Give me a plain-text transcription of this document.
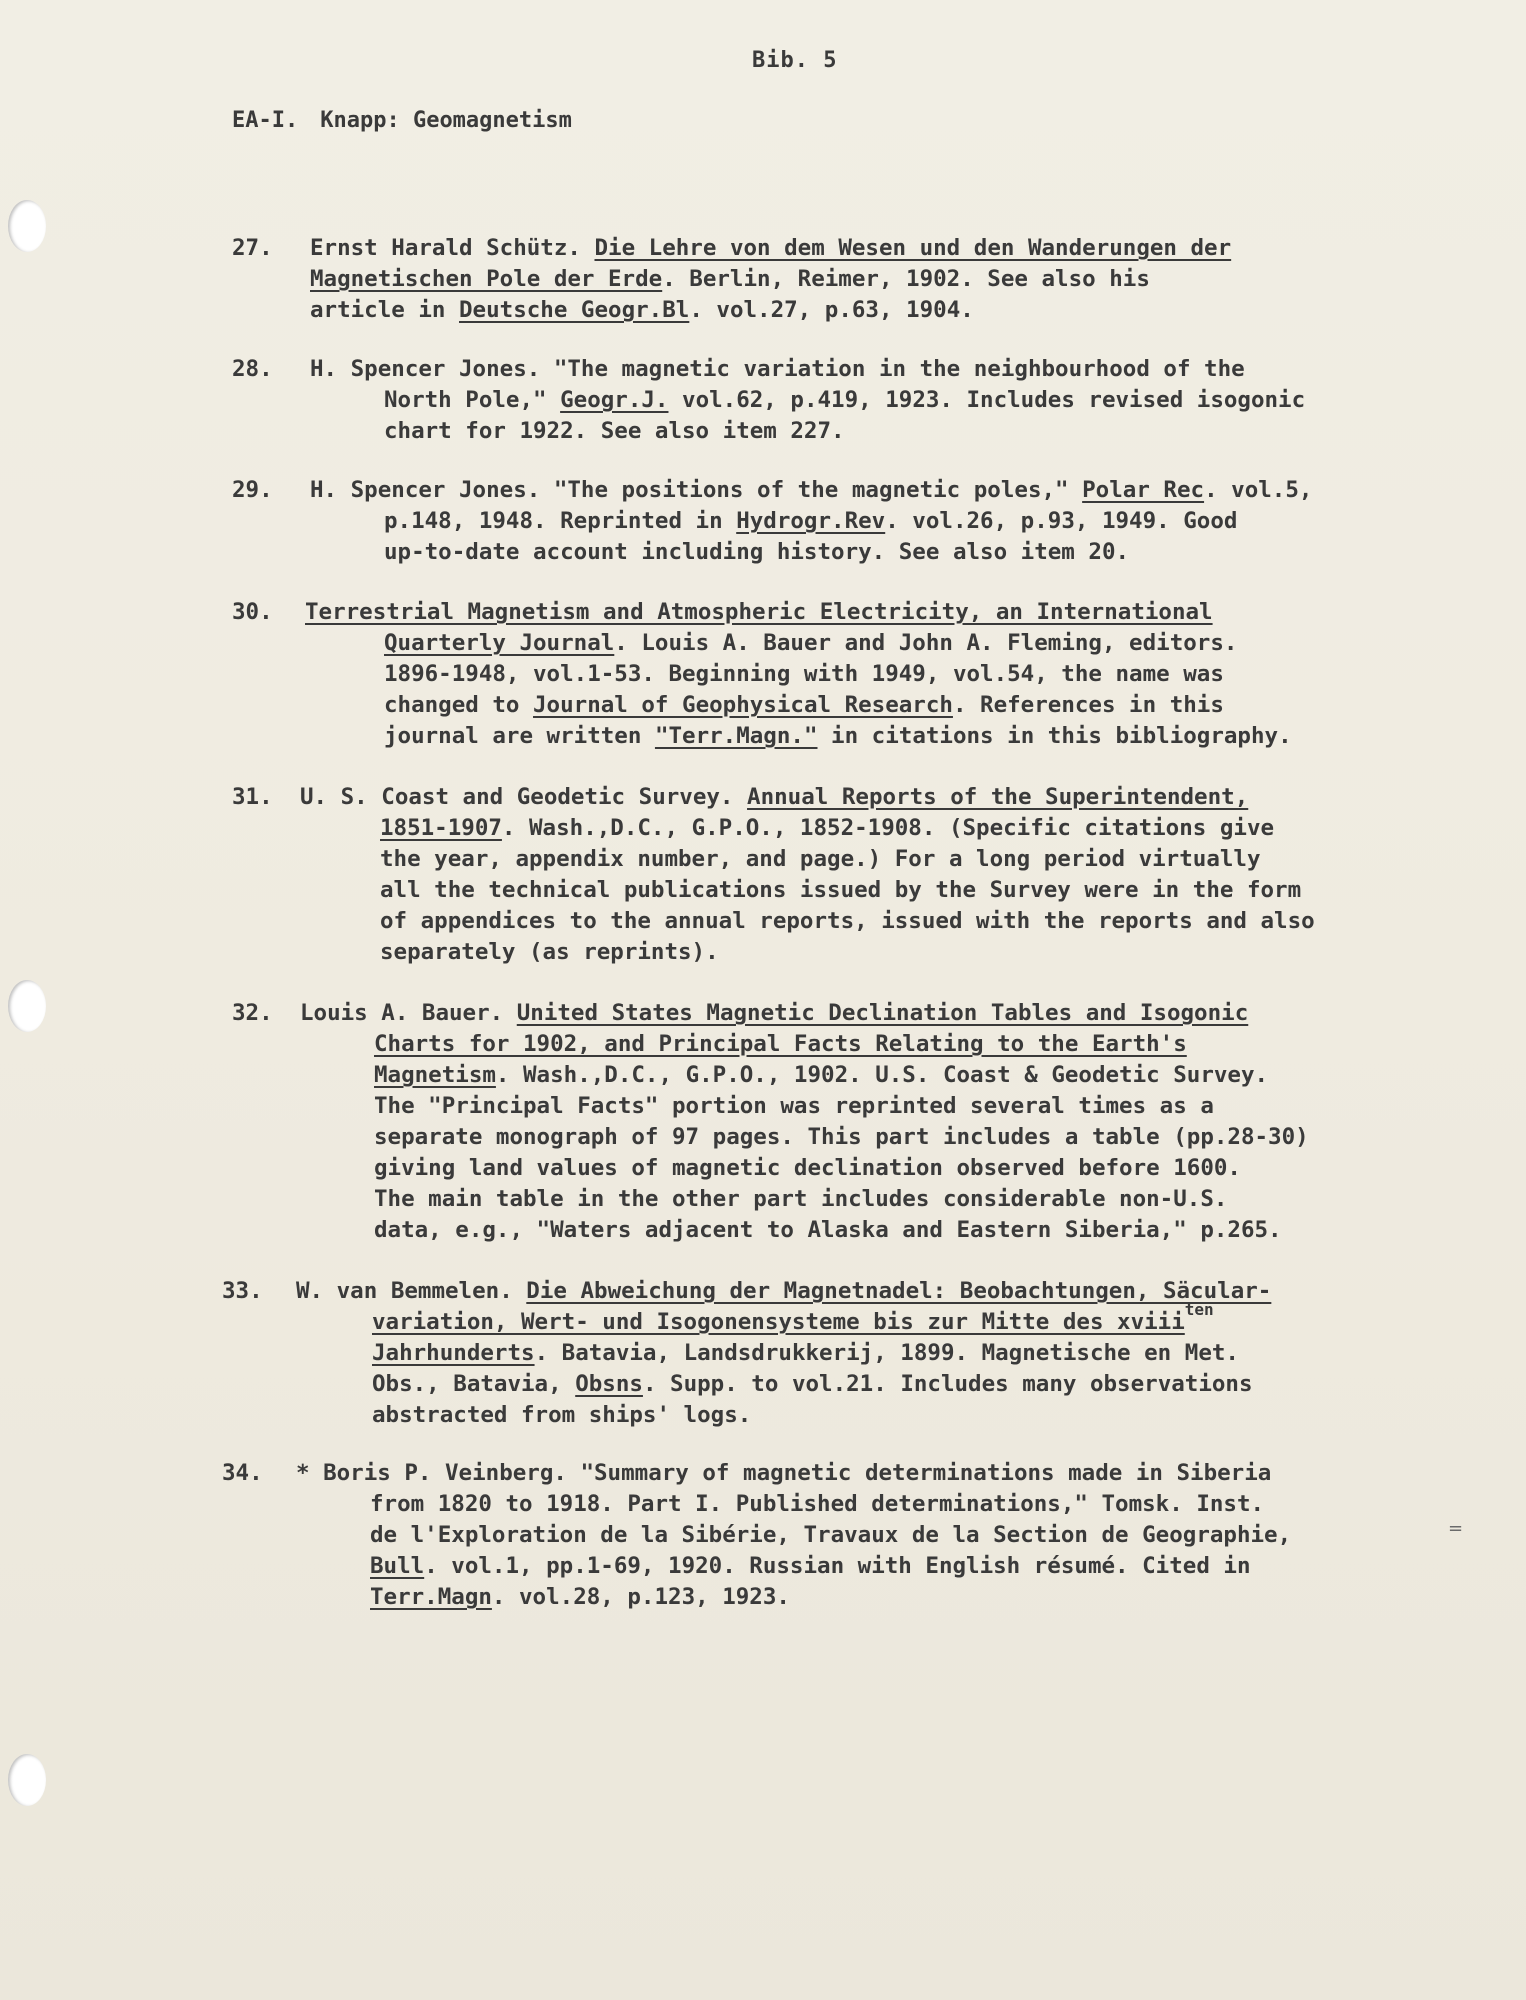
Bib. 5
EA-I. Knapp: Geomagnetism
27. Ernst Harald Schütz. Die Lehre von dem Wesen und den Wanderungen der
Magnetischen Pole der Erde. Berlin, Reimer, 1902. See also his
article in Deutsche Geogr.Bl. vol.27, p.63, 1904.
28. H. Spencer Jones. "The magnetic variation in the neighbourhood of the
North Pole," Geogr.J. vol.62, p.419, 1923. Includes revised isogonic
chart for 1922. See also item 227.
29. H. Spencer Jones. "The positions of the magnetic poles," Polar Rec. vol.5,
p.148, 1948. Reprinted in Hydrogr.Rev. vol.26, p.93, 1949. Good
up-to-date account including history. See also item 20.
30. Terrestrial Magnetism and Atmospheric Electricity, an International
Quarterly Journal. Louis A. Bauer and John A. Fleming, editors.
1896-1948, vol.1-53. Beginning with 1949, vol.54, the name was
changed to Journal of Geophysical Research. References in this
journal are written "Terr.Magn." in citations in this bibliography.
31. U. S. Coast and Geodetic Survey. Annual Reports of the Superintendent,
1851-1907. Wash.,D.C., G.P.O., 1852-1908. (Specific citations give
the year, appendix number, and page.) For a long period virtually
all the technical publications issued by the Survey were in the form
of appendices to the annual reports, issued with the reports and also
separately (as reprints).
32. Louis A. Bauer. United States Magnetic Declination Tables and Isogonic
Charts for 1902, and Principal Facts Relating to the Earth's
Magnetism. Wash.,D.C., G.P.O., 1902. U.S. Coast & Geodetic Survey.
The "Principal Facts" portion was reprinted several times as a
separate monograph of 97 pages. This part includes a table (pp.28-30)
giving land values of magnetic declination observed before 1600.
The main table in the other part includes considerable non-U.S.
data, e.g., "Waters adjacent to Alaska and Eastern Siberia," p.265.
33. W. van Bemmelen. Die Abweichung der Magnetnadel: Beobachtungen, Säcular-
variation, Wert- und Isogonensysteme bis zur Mitte des xviii$^{ten}$
Jahrhunderts. Batavia, Landsdrukkerij, 1899. Magnetische en Met.
Obs., Batavia, Obsns. Supp. to vol.21. Includes many observations
abstracted from ships' logs.
34. * Boris P. Veinberg. "Summary of magnetic determinations made in Siberia
from 1820 to 1918. Part I. Published determinations," Tomsk. Inst.
de l'Exploration de la Sibérie, Travaux de la Section de Geographie,
Bull. vol.1, pp.1-69, 1920. Russian with English résumé. Cited in
Terr.Magn. vol.28, p.123, 1923.
=
